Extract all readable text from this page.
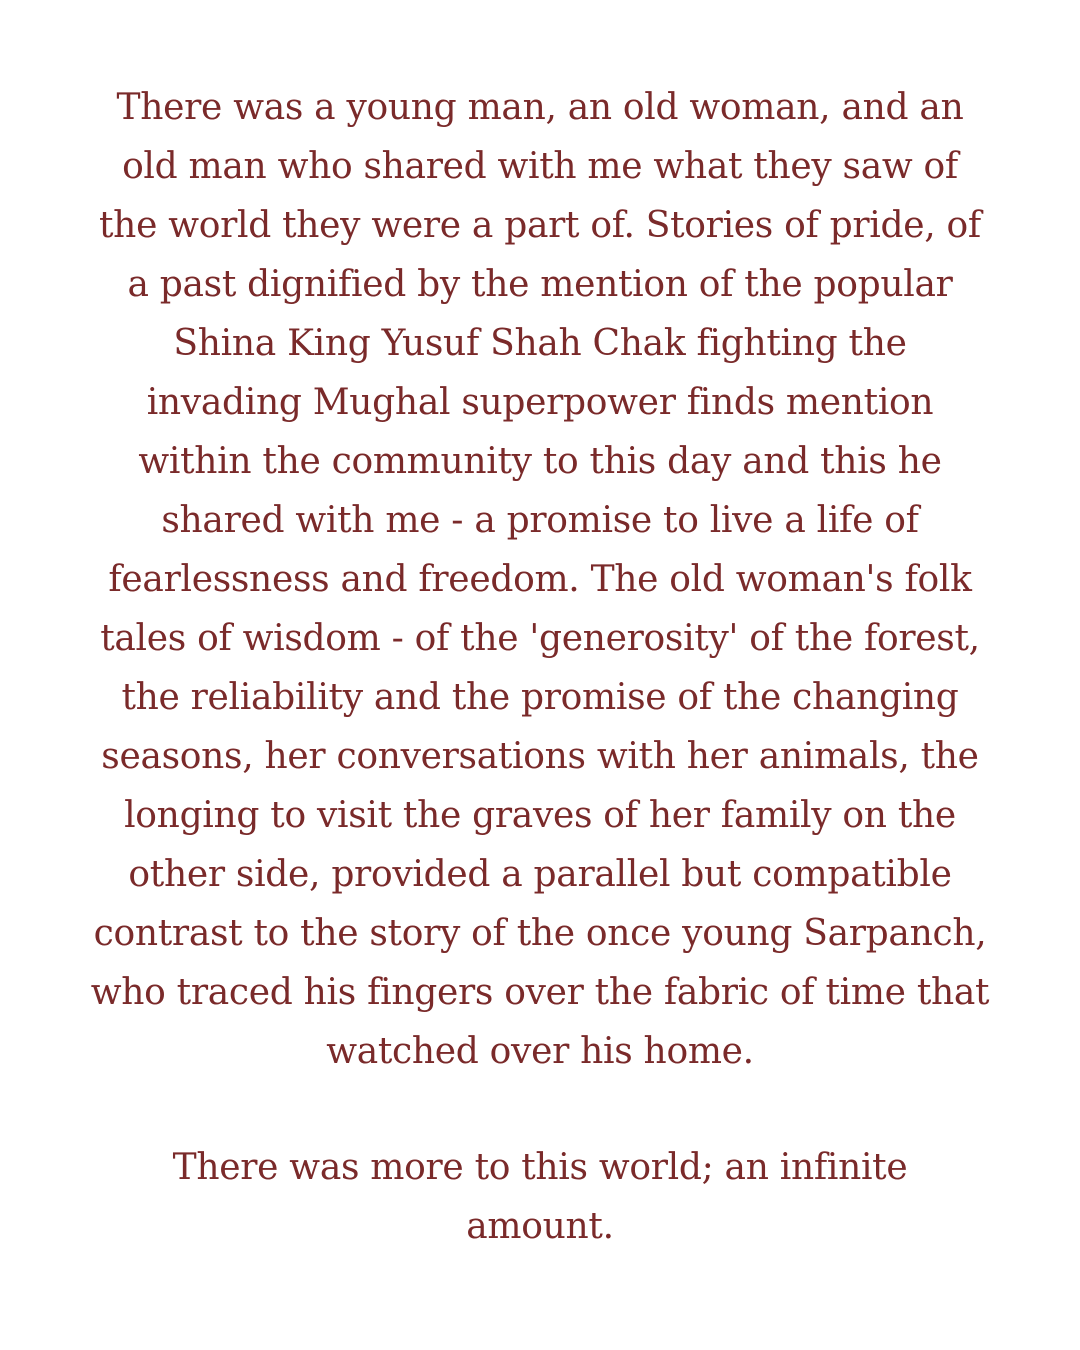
There was a young man, an old woman, and an
old man who shared with me what they saw of
the world they were a part of. Stories of pride, of
a past dignified by the mention of the popular
Shina King Yusuf Shah Chak fighting the
invading Mughal superpower finds mention
within the community to this day and this he
shared with me - a promise to live a life of
fearlessness and freedom. The old woman's folk
tales of wisdom - of the 'generosity' of the forest,
the reliability and the promise of the changing
seasons, her conversations with her animals, the
longing to visit the graves of her family on the
other side, provided a parallel but compatible
contrast to the story of the once young Sarpanch,
who traced his fingers over the fabric of time that
watched over his home.
There was more to this world; an infinite
amount.
